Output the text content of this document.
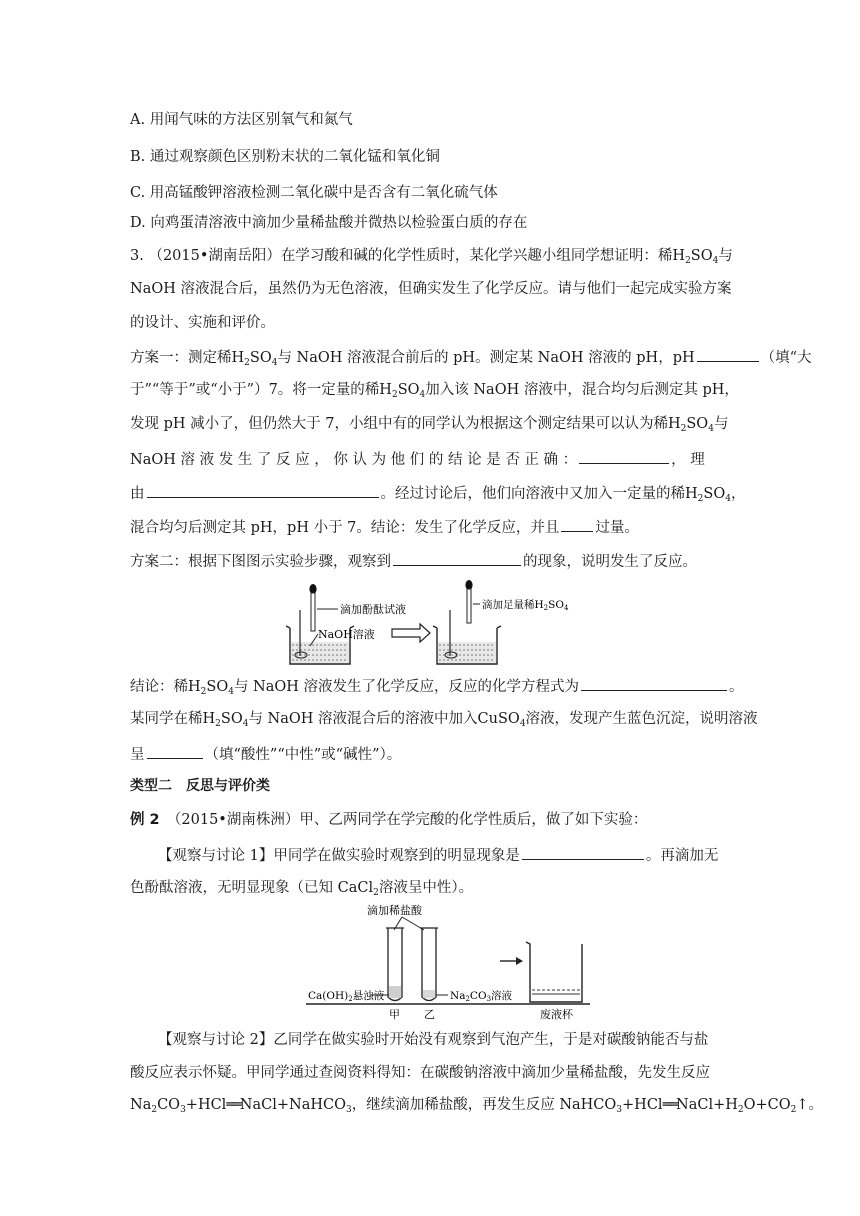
A. 用闻气味的方法区别氧气和氮气
B. 通过观察颜色区别粉末状的二氧化锰和氧化铜
C. 用高锰酸钾溶液检测二氧化碳中是否含有二氧化硫气体
D. 向鸡蛋清溶液中滴加少量稀盐酸并微热以检验蛋白质的存在
3. （2015•湖南岳阳）在学习酸和碱的化学性质时，某化学兴趣小组同学想证明：稀$H_2SO_4$与
NaOH 溶液混合后，虽然仍为无色溶液，但确实发生了化学反应。请与他们一起完成实验方案
的设计、实施和评价。
方案一：测定稀$H_2SO_4$与 NaOH 溶液混合前后的 pH。测定某 NaOH 溶液的 pH，pH	（填“大
于”“等于”或“小于”）7。将一定量的稀$H_2SO_4$加入该 NaOH 溶液中，混合均匀后测定其 pH，
发现 pH 减小了，但仍然大于 7，小组中有的同学认为根据这个测定结果可以认为稀$H_2SO_4$与
NaOH 溶 液 发 生 了 反 应 ， 你 认 为 他 们 的 结 论 是 否 正 确 ：	， 理
由	。经过讨论后，他们向溶液中又加入一定量的稀$H_2SO_4$，
混合均匀后测定其 pH，pH 小于 7。结论：发生了化学反应，并且 过量。
方案二：根据下图图示实验步骤，观察到	的现象，说明发生了反应。
滴加酚酞试液
NaOH溶液
滴加足量稀H2SO4
结论：稀$H_2SO_4$与 NaOH 溶液发生了化学反应，反应的化学方程式为	。
某同学在稀$H_2SO_4$与 NaOH 溶液混合后的溶液中加入CuSO$_4$溶液，发现产生蓝色沉淀，说明溶液
呈	（填“酸性”“中性”或“碱性”）。
类型二　反思与评价类
例 2　 （2015•湖南株洲）甲、乙两同学在学完酸的化学性质后，做了如下实验：
【观察与讨论 1】甲同学在做实验时观察到的明显现象是	。再滴加无
色酚酞溶液，无明显现象（已知 CaCl$_2$溶液呈中性）。
滴加稀盐酸
Ca(OH)2悬浊液	Na2CO3溶液
甲 乙	废液杯
【观察与讨论 2】乙同学在做实验时开始没有观察到气泡产生，于是对碳酸钠能否与盐
酸反应表示怀疑。甲同学通过查阅资料得知：在碳酸钠溶液中滴加少量稀盐酸，先发生反应
$Na_2CO_3+HCl══NaCl+NaHCO_3$，继续滴加稀盐酸，再发生反应 $NaHCO_3+HCl══NaCl+H_2O+CO_2↑$。
